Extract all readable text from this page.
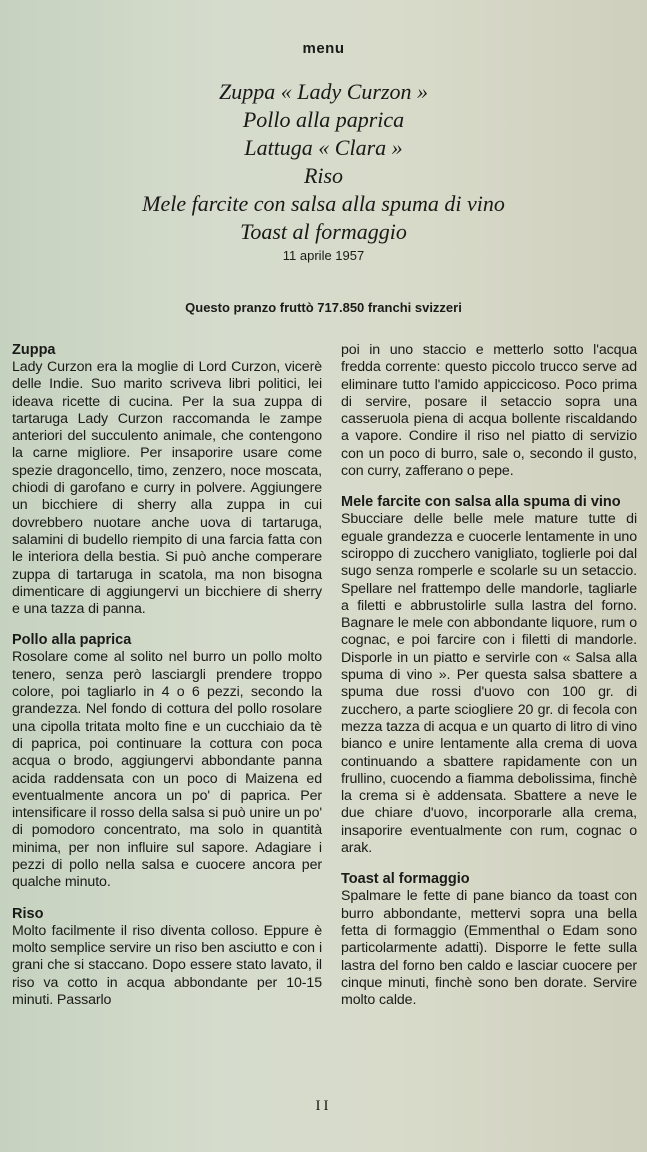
menu
Zuppa « Lady Curzon »
Pollo alla paprica
Lattuga « Clara »
Riso
Mele farcite con salsa alla spuma di vino
Toast al formaggio
11 aprile 1957
Questo pranzo fruttò 717.850 franchi svizzeri
Zuppa

Lady Curzon era la moglie di Lord Curzon, vicerè delle Indie. Suo marito scriveva libri politici, lei ideava ricette di cucina. Per la sua zuppa di tartaruga Lady Curzon raccomanda le zampe anteriori del succulento animale, che contengono la carne migliore. Per insaporire usare come spezie dragoncello, timo, zenzero, noce moscata, chiodi di garofano e curry in polvere. Aggiungere un bicchiere di sherry alla zuppa in cui dovrebbero nuotare anche uova di tartaruga, salamini di budello riempito di una farcia fatta con le interiora della bestia. Si può anche comperare zuppa di tartaruga in scatola, ma non bisogna dimenticare di aggiungervi un bicchiere di sherry e una tazza di panna.

Pollo alla paprica

Rosolare come al solito nel burro un pollo molto tenero, senza però lasciargli prendere troppo colore, poi tagliarlo in 4 o 6 pezzi, secondo la grandezza. Nel fondo di cottura del pollo rosolare una cipolla tritata molto fine e un cucchiaio da tè di paprica, poi continuare la cottura con poca acqua o brodo, aggiungervi abbondante panna acida raddensata con un poco di Maizena ed eventualmente ancora un po' di paprica. Per intensificare il rosso della salsa si può unire un po' di pomodoro concentrato, ma solo in quantità minima, per non influire sul sapore. Adagiare i pezzi di pollo nella salsa e cuocere ancora per qualche minuto.

Riso

Molto facilmente il riso diventa colloso. Eppure è molto semplice servire un riso ben asciutto e con i grani che si staccano. Dopo essere stato lavato, il riso va cotto in acqua abbondante per 10-15 minuti. Passarlo

poi in uno staccio e metterlo sotto l'acqua fredda corrente: questo piccolo trucco serve ad eliminare tutto l'amido appiccicoso. Poco prima di servire, posare il setaccio sopra una casseruola piena di acqua bollente riscaldando a vapore. Condire il riso nel piatto di servizio con un poco di burro, sale o, secondo il gusto, con curry, zafferano o pepe.

Mele farcite con salsa alla spuma di vino

Sbucciare delle belle mele mature tutte di eguale grandezza e cuocerle lentamente in uno sciroppo di zucchero vanigliato, toglierle poi dal sugo senza romperle e scolarle su un setaccio. Spellare nel frattempo delle mandorle, tagliarle a filetti e abbrustolirle sulla lastra del forno. Bagnare le mele con abbondante liquore, rum o cognac, e poi farcire con i filetti di mandorle. Disporle in un piatto e servirle con « Salsa alla spuma di vino ». Per questa salsa sbattere a spuma due rossi d'uovo con 100 gr. di zucchero, a parte sciogliere 20 gr. di fecola con mezza tazza di acqua e un quarto di litro di vino bianco e unire lentamente alla crema di uova continuando a sbattere rapidamente con un frullino, cuocendo a fiamma debolissima, finchè la crema si è addensata. Sbattere a neve le due chiare d'uovo, incorporarle alla crema, insaporire eventualmente con rum, cognac o arak.

Toast al formaggio

Spalmare le fette di pane bianco da toast con burro abbondante, mettervi sopra una bella fetta di formaggio (Emmenthal o Edam sono particolarmente adatti). Disporre le fette sulla lastra del forno ben caldo e lasciar cuocere per cinque minuti, finchè sono ben dorate. Servire molto calde.

II
